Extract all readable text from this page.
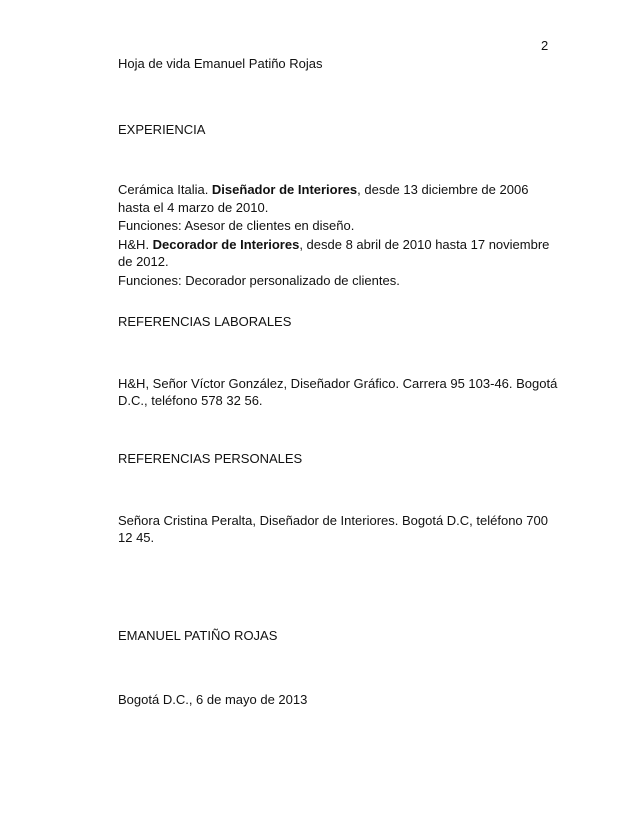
2
Hoja de vida Emanuel Patiño Rojas
EXPERIENCIA
Cerámica Italia. Diseñador de Interiores, desde 13 diciembre de 2006
hasta el 4 marzo de 2010.
Funciones: Asesor de clientes en diseño.
H&H. Decorador de Interiores, desde 8 abril de 2010 hasta 17 noviembre
de 2012.
Funciones: Decorador personalizado de clientes.
REFERENCIAS LABORALES
H&H, Señor Víctor González, Diseñador Gráfico. Carrera 95 103-46. Bogotá
D.C., teléfono 578 32 56.
REFERENCIAS PERSONALES
Señora Cristina Peralta, Diseñador de Interiores. Bogotá D.C, teléfono 700
12 45.
EMANUEL PATIÑO ROJAS
Bogotá D.C., 6 de mayo de 2013
